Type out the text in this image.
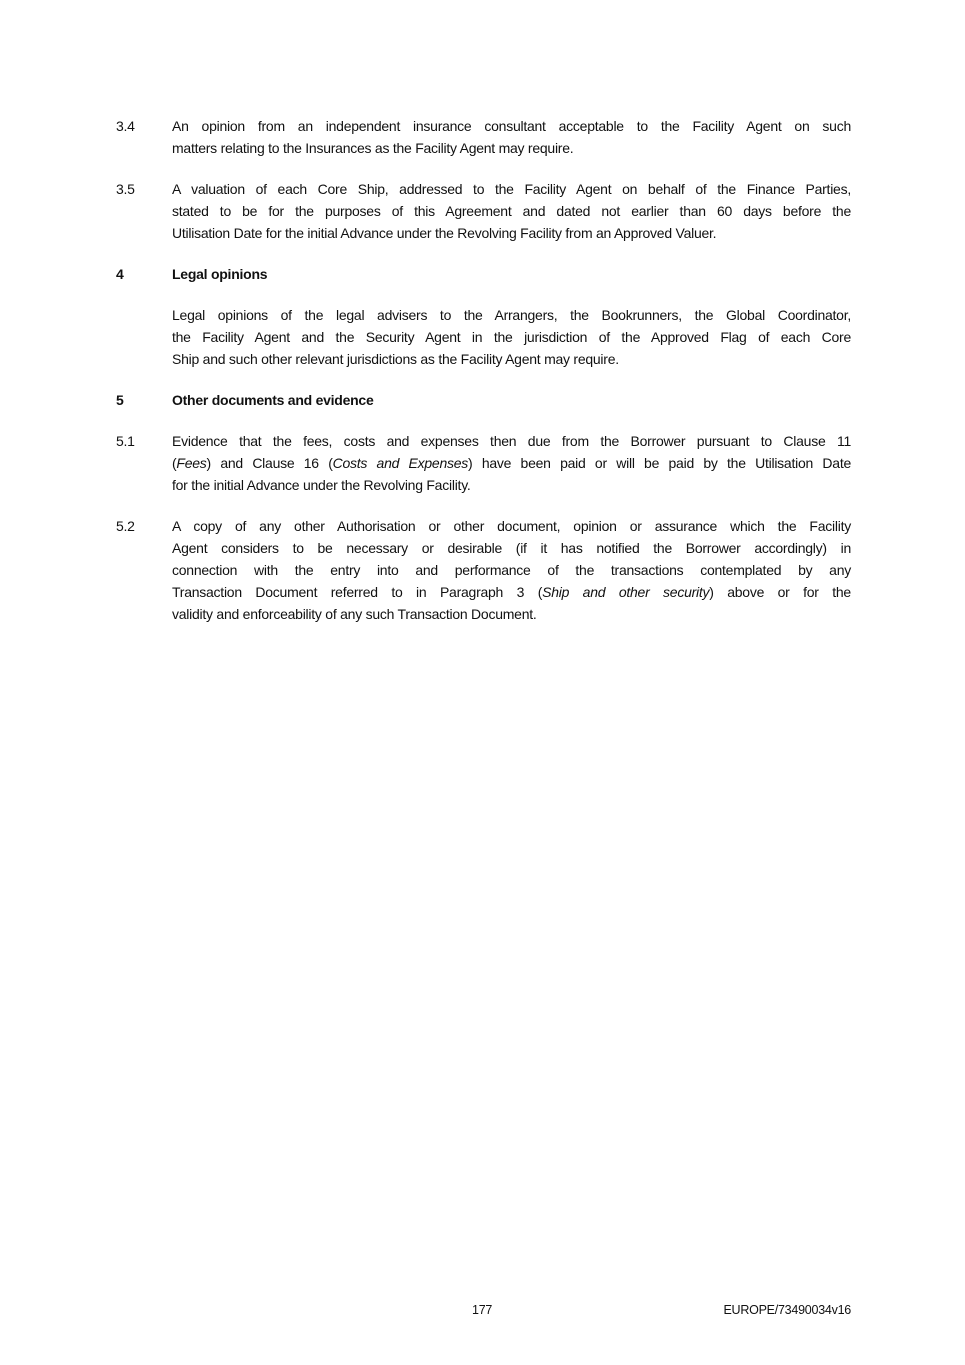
3.4	An opinion from an independent insurance consultant acceptable to the Facility Agent on such
matters relating to the Insurances as the Facility Agent may require.
3.5	A valuation of each Core Ship, addressed to the Facility Agent on behalf of the Finance Parties,
stated to be for the purposes of this Agreement and dated not earlier than 60 days before the
Utilisation Date for the initial Advance under the Revolving Facility from an Approved Valuer.
4	Legal opinions
Legal opinions of the legal advisers to the Arrangers, the Bookrunners, the Global Coordinator,
the Facility Agent and the Security Agent in the jurisdiction of the Approved Flag of each Core
Ship and such other relevant jurisdictions as the Facility Agent may require.
5	Other documents and evidence
5.1	Evidence that the fees, costs and expenses then due from the Borrower pursuant to Clause 11
(Fees) and Clause 16 (Costs and Expenses) have been paid or will be paid by the Utilisation Date
for the initial Advance under the Revolving Facility.
5.2	A copy of any other Authorisation or other document, opinion or assurance which the Facility
Agent considers to be necessary or desirable (if it has notified the Borrower accordingly) in
connection with the entry into and performance of the transactions contemplated by any
Transaction Document referred to in Paragraph 3 (Ship and other security) above or for the
validity and enforceability of any such Transaction Document.
177	EUROPE/73490034v16
